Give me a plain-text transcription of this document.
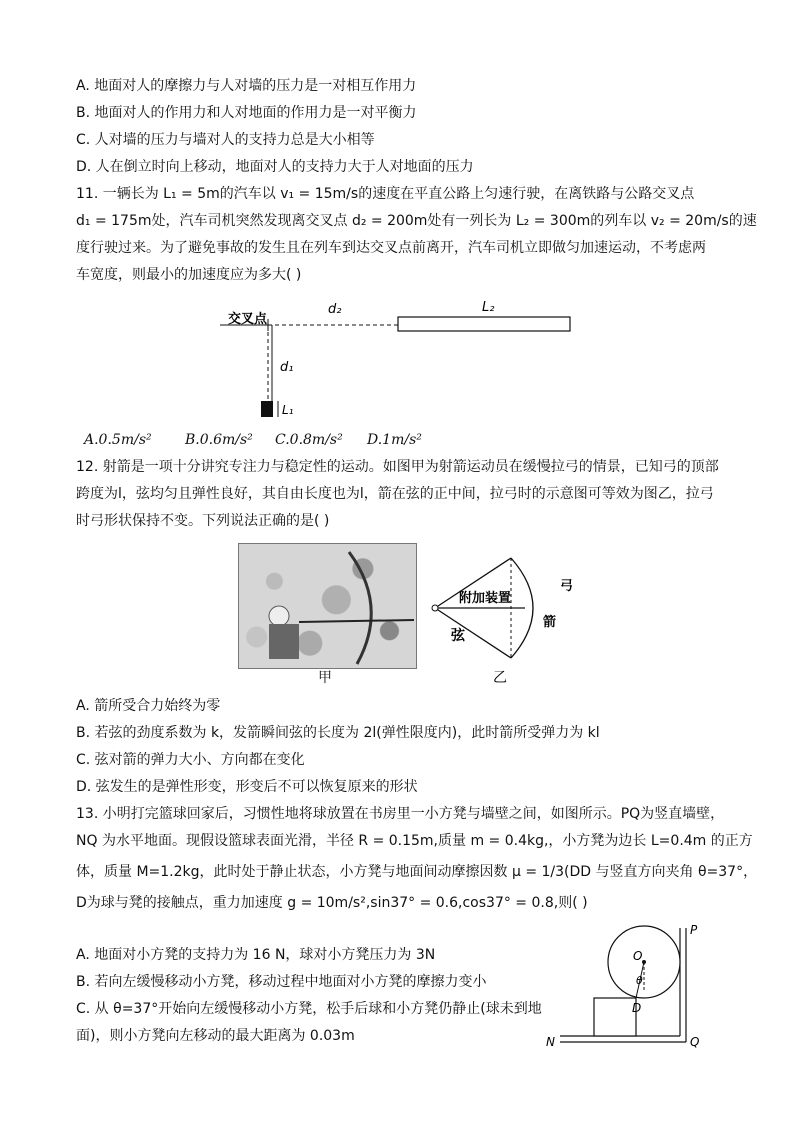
A. 地面对人的摩擦力与人对墙的压力是一对相互作用力
B. 地面对人的作用力和人对地面的作用力是一对平衡力
C. 人对墙的压力与墙对人的支持力总是大小相等
D. 人在倒立时向上移动，地面对人的支持力大于人对地面的压力
11. 一辆长为 L₁ = 5m的汽车以 v₁ = 15m/s的速度在平直公路上匀速行驶，在离铁路与公路交叉点
d₁ = 175m处，汽车司机突然发现离交叉点 d₂ = 200m处有一列长为 L₂ = 300m的列车以 v₂ = 20m/s的速
度行驶过来。为了避免事故的发生且在列车到达交叉点前离开，汽车司机立即做匀加速运动，不考虑两
车宽度，则最小的加速度应为多大( )
交叉点
d₂	L₂
d₁
L₁
A.0.5m/s² B.0.6m/s² C.0.8m/s² D.1m/s²
12. 射箭是一项十分讲究专注力与稳定性的运动。如图甲为射箭运动员在缓慢拉弓的情景，已知弓的顶部
跨度为l，弦均匀且弹性良好，其自由长度也为l，箭在弦的正中间，拉弓时的示意图可等效为图乙，拉弓
时弓形状保持不变。下列说法正确的是( )
甲
附加装置
弓
箭
弦
乙
A. 箭所受合力始终为零
B. 若弦的劲度系数为 k，发箭瞬间弦的长度为 2l(弹性限度内)，此时箭所受弹力为 kl
C. 弦对箭的弹力大小、方向都在变化
D. 弦发生的是弹性形变，形变后不可以恢复原来的形状
13. 小明打完篮球回家后，习惯性地将球放置在书房里一小方凳与墙壁之间，如图所示。PQ为竖直墙壁，
NQ 为水平地面。现假设篮球表面光滑，半径 R = 0.15m,质量 m = 0.4kg,，小方凳为边长 L=0.4m 的正方
体，质量 M=1.2kg，此时处于静止状态，小方凳与地面间动摩擦因数 μ = 1/3(DD 与竖直方向夹角 θ=37°，
D为球与凳的接触点，重力加速度 g = 10m/s²,sin37° = 0.6,cos37° = 0.8,则( )
A. 地面对小方凳的支持力为 16 N，球对小方凳压力为 3N
B. 若向左缓慢移动小方凳，移动过程中地面对小方凳的摩擦力变小
C. 从 θ=37°开始向左缓慢移动小方凳，松手后球和小方凳仍静止(球未到地
面)，则小方凳向左移动的最大距离为 0.03m
P
N	Q
O
θ
D
